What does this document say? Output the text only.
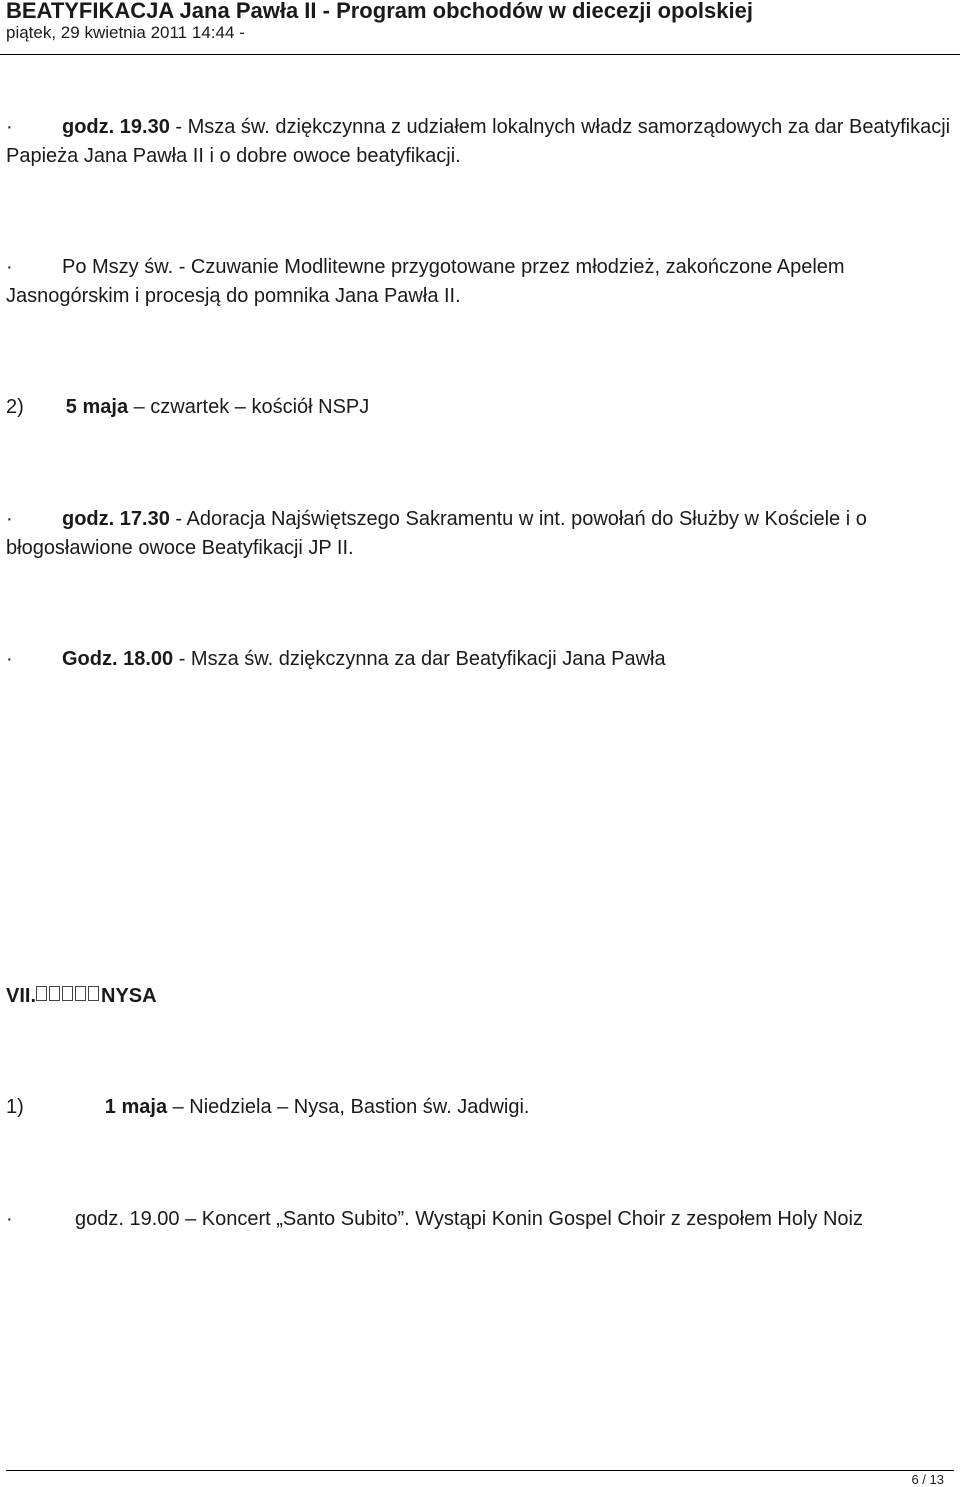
BEATYFIKACJA Jana Pawła II - Program obchodów w diecezji opolskiej
piątek, 29 kwietnia 2011 14:44 -
· godz. 19.30 - Msza św. dziękczynna z udziałem lokalnych władz samorządowych za dar Beatyfikacji Papieża Jana Pawła II i o dobre owoce beatyfikacji.
· Po Mszy św. - Czuwanie Modlitewne przygotowane przez młodzież, zakończone Apelem Jasnogórskim i procesją do pomnika Jana Pawła II.
2) 5 maja – czwartek – kościół NSPJ
· godz. 17.30 - Adoracja Najświętszego Sakramentu w int. powołań do Służby w Kościele i o błogosławione owoce Beatyfikacji JP II.
· Godz. 18.00 - Msza św. dziękczynna za dar Beatyfikacji Jana Pawła
VII.	NYSA
1)	1 maja – Niedziela – Nysa, Bastion św. Jadwigi.
·	godz. 19.00 – Koncert „Santo Subito”. Wystąpi Konin Gospel Choir z zespołem Holy Noiz
6 / 13
